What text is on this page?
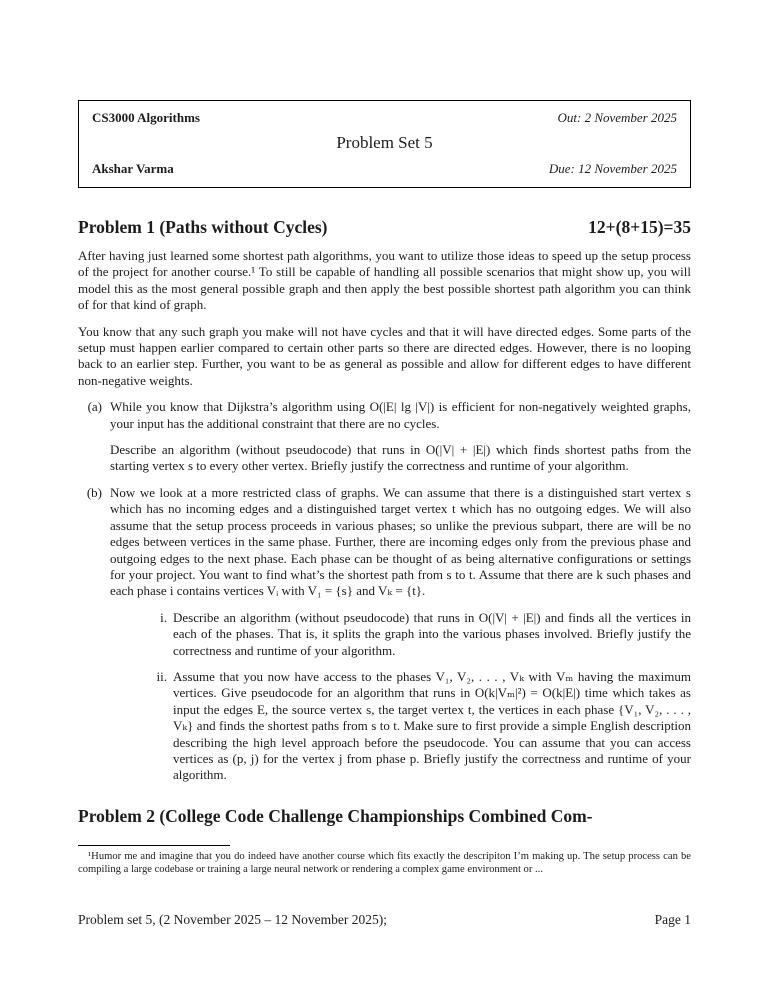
CS3000 Algorithms	Out: 2 November 2025
Problem Set 5
Akshar Varma	Due: 12 November 2025
Problem 1 (Paths without Cycles)	12+(8+15)=35

After having just learned some shortest path algorithms, you want to utilize those ideas to speed up the setup process of the project for another course.¹ To still be capable of handling all possible scenarios that might show up, you will model this as the most general possible graph and then apply the best possible shortest path algorithm you can think of for that kind of graph.

You know that any such graph you make will not have cycles and that it will have directed edges. Some parts of the setup must happen earlier compared to certain other parts so there are directed edges. However, there is no looping back to an earlier step. Further, you want to be as general as possible and allow for different edges to have different non-negative weights.

(a) While you know that Dijkstra’s algorithm using O(|E| lg |V|) is efficient for non-negatively weighted graphs, your input has the additional constraint that there are no cycles.

Describe an algorithm (without pseudocode) that runs in O(|V| + |E|) which finds shortest paths from the starting vertex s to every other vertex. Briefly justify the correctness and runtime of your algorithm.

(b) Now we look at a more restricted class of graphs. We can assume that there is a distinguished start vertex s which has no incoming edges and a distinguished target vertex t which has no outgoing edges. We will also assume that the setup process proceeds in various phases; so unlike the previous subpart, there are will be no edges between vertices in the same phase. Further, there are incoming edges only from the previous phase and outgoing edges to the next phase. Each phase can be thought of as being alternative configurations or settings for your project. You want to find what’s the shortest path from s to t. Assume that there are k such phases and each phase i contains vertices Vᵢ with V₁ = {s} and Vₖ = {t}.

i. Describe an algorithm (without pseudocode) that runs in O(|V| + |E|) and finds all the vertices in each of the phases. That is, it splits the graph into the various phases involved. Briefly justify the correctness and runtime of your algorithm.

ii. Assume that you now have access to the phases V₁, V₂, . . . , Vₖ with Vₘ having the maximum vertices. Give pseudocode for an algorithm that runs in O(k|Vₘ|²) = O(k|E|) time which takes as input the edges E, the source vertex s, the target vertex t, the vertices in each phase {V₁, V₂, . . . , Vₖ} and finds the shortest paths from s to t. Make sure to first provide a simple English description describing the high level approach before the pseudocode. You can assume that you can access vertices as (p, j) for the vertex j from phase p. Briefly justify the correctness and runtime of your algorithm.

Problem 2 (College Code Challenge Championships Combined Com-

¹Humor me and imagine that you do indeed have another course which fits exactly the descripiton I’m making up. The setup process can be compiling a large codebase or training a large neural network or rendering a complex game environment or ...

Problem set 5, (2 November 2025 – 12 November 2025);	Page 1
